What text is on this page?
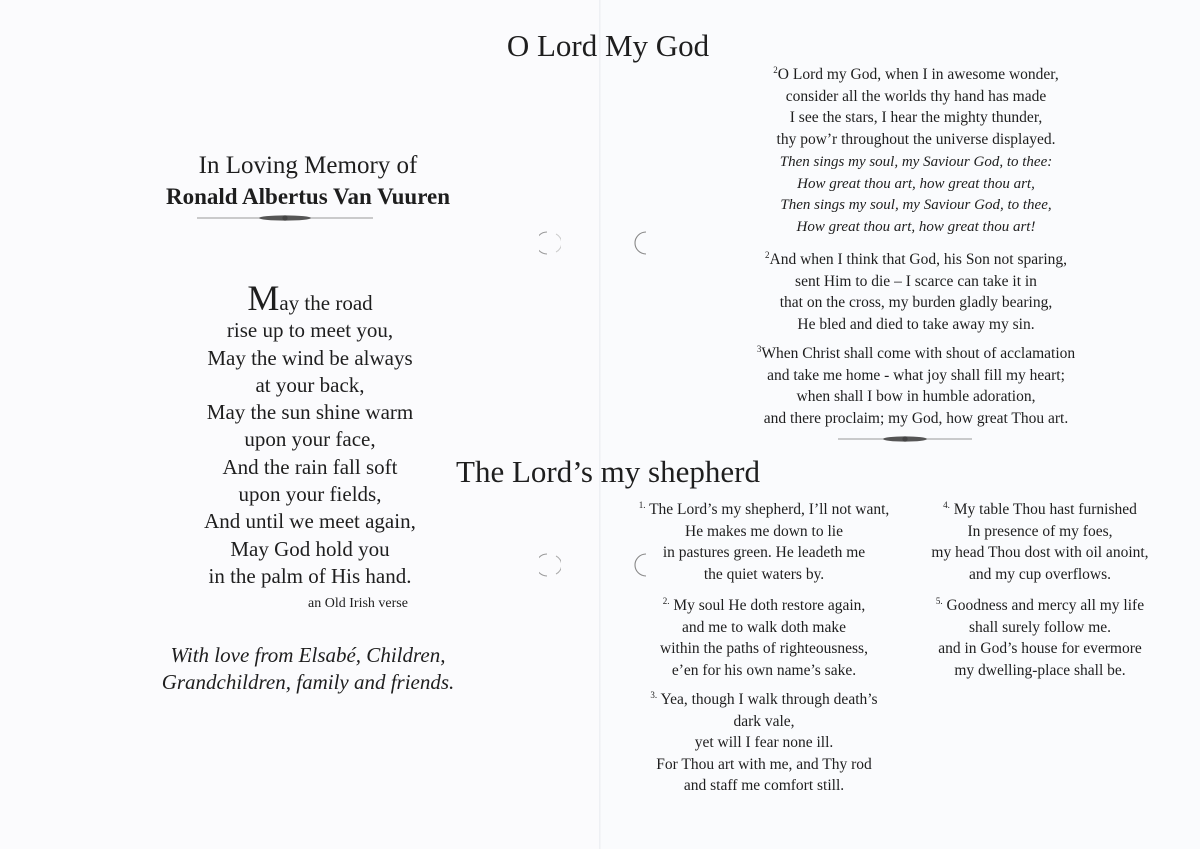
In Loving Memory of
Ronald Albertus Van Vuuren
May the road
rise up to meet you,
May the wind be always
at your back,
May the sun shine warm
upon your face,
And the rain fall soft
upon your fields,
And until we meet again,
May God hold you
in the palm of His hand.
an Old Irish verse
With love from Elsabé, Children,
Grandchildren, family and friends.
O Lord My God
$^2$O Lord my God, when I in awesome wonder,
consider all the worlds thy hand has made
I see the stars, I hear the mighty thunder,
thy pow’r throughout the universe displayed.
Then sings my soul, my Saviour God, to thee:
How great thou art, how great thou art,
Then sings my soul, my Saviour God, to thee,
How great thou art, how great thou art!
$^2$And when I think that God, his Son not sparing,
sent Him to die – I scarce can take it in
that on the cross, my burden gladly bearing,
He bled and died to take away my sin.
$^3$When Christ shall come with shout of acclamation
and take me home - what joy shall fill my heart;
when shall I bow in humble adoration,
and there proclaim; my God, how great Thou art.
The Lord’s my shepherd
$^{1.}$ The Lord’s my shepherd, I’ll not want,
He makes me down to lie
in pastures green. He leadeth me
the quiet waters by.
$^{2.}$ My soul He doth restore again,
and me to walk doth make
within the paths of righteousness,
e’en for his own name’s sake.
$^{3.}$ Yea, though I walk through death’s
dark vale,
yet will I fear none ill.
For Thou art with me, and Thy rod
and staff me comfort still.
$^{4.}$ My table Thou hast furnished
In presence of my foes,
my head Thou dost with oil anoint,
and my cup overflows.
$^{5.}$ Goodness and mercy all my life
shall surely follow me.
and in God’s house for evermore
my dwelling-place shall be.
